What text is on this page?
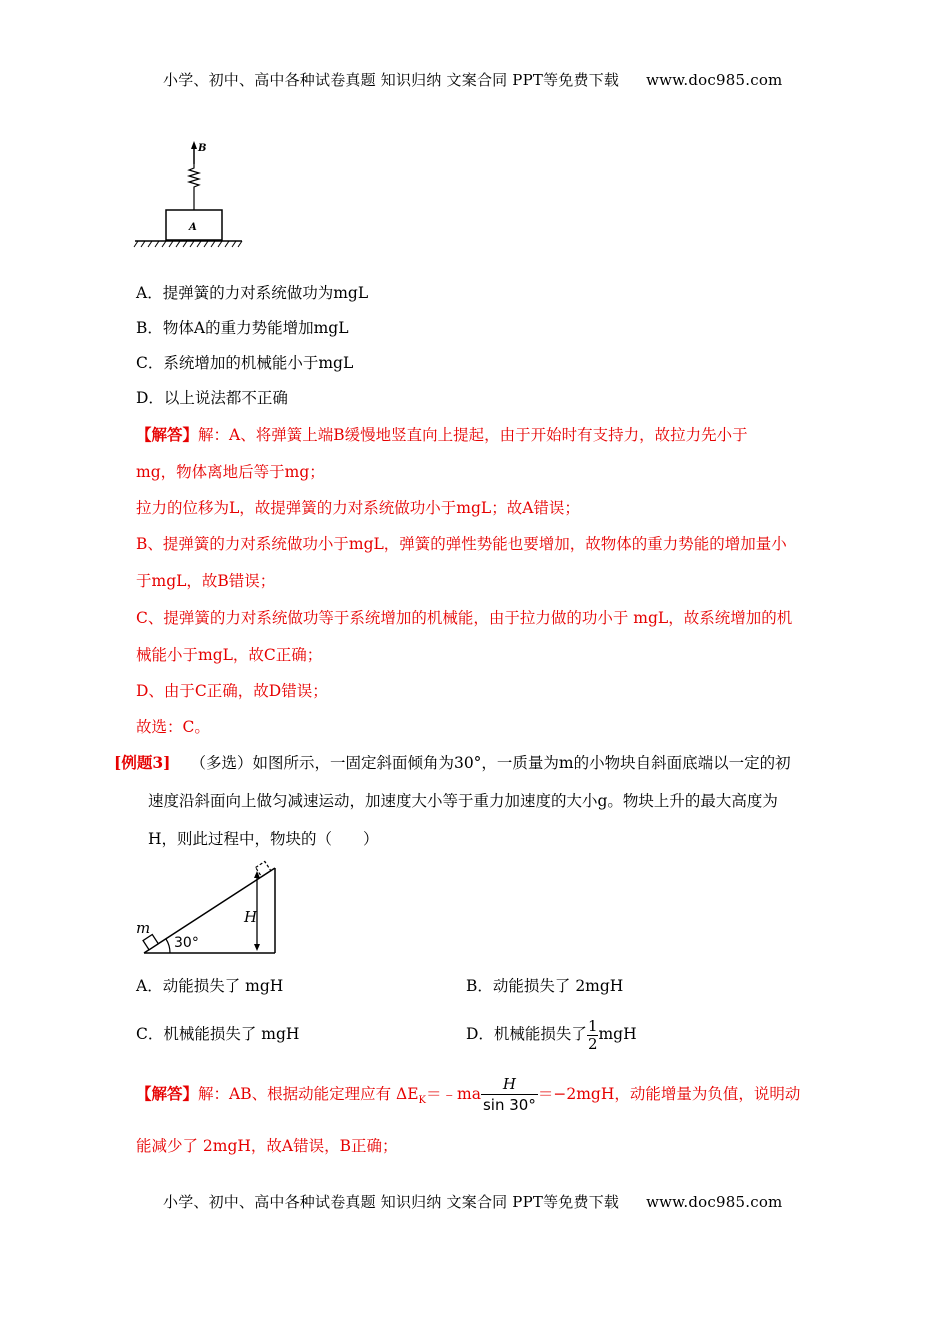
小学、初中、高中各种试卷真题 知识归纳 文案合同 PPT等免费下载 www.doc985.com
B
A
A．提弹簧的力对系统做功为mgL
B．物体A的重力势能增加mgL
C．系统增加的机械能小于mgL
D．以上说法都不正确
【解答】解：A、将弹簧上端B缓慢地竖直向上提起，由于开始时有支持力，故拉力先小于
mg，物体离地后等于mg；
拉力的位移为L，故提弹簧的力对系统做功小于mgL；故A错误；
B、提弹簧的力对系统做功小于mgL，弹簧的弹性势能也要增加，故物体的重力势能的增加量小
于mgL，故B错误；
C、提弹簧的力对系统做功等于系统增加的机械能，由于拉力做的功小于 mgL，故系统增加的机
械能小于mgL，故C正确；
D、由于C正确，故D错误；
故选：C。
[例题3] （多选）如图所示，一固定斜面倾角为30°，一质量为m的小物块自斜面底端以一定的初
速度沿斜面向上做匀减速运动，加速度大小等于重力加速度的大小g。物块上升的最大高度为
H，则此过程中，物块的（　　）
m
H
30°
A．动能损失了 mgH	B．动能损失了 2mgH
C．机械能损失了 mgH	D．机械能损失了 $\frac{1}{2}$ mgH
【解答】解：AB、根据动能定理应有 $\Delta E_K=﹣ma \frac{H}{\sin 30^\circ} =-2mgH$，动能增量为负值，说明动
能减少了 2mgH，故A错误，B正确；
小学、初中、高中各种试卷真题 知识归纳 文案合同 PPT等免费下载 www.doc985.com
